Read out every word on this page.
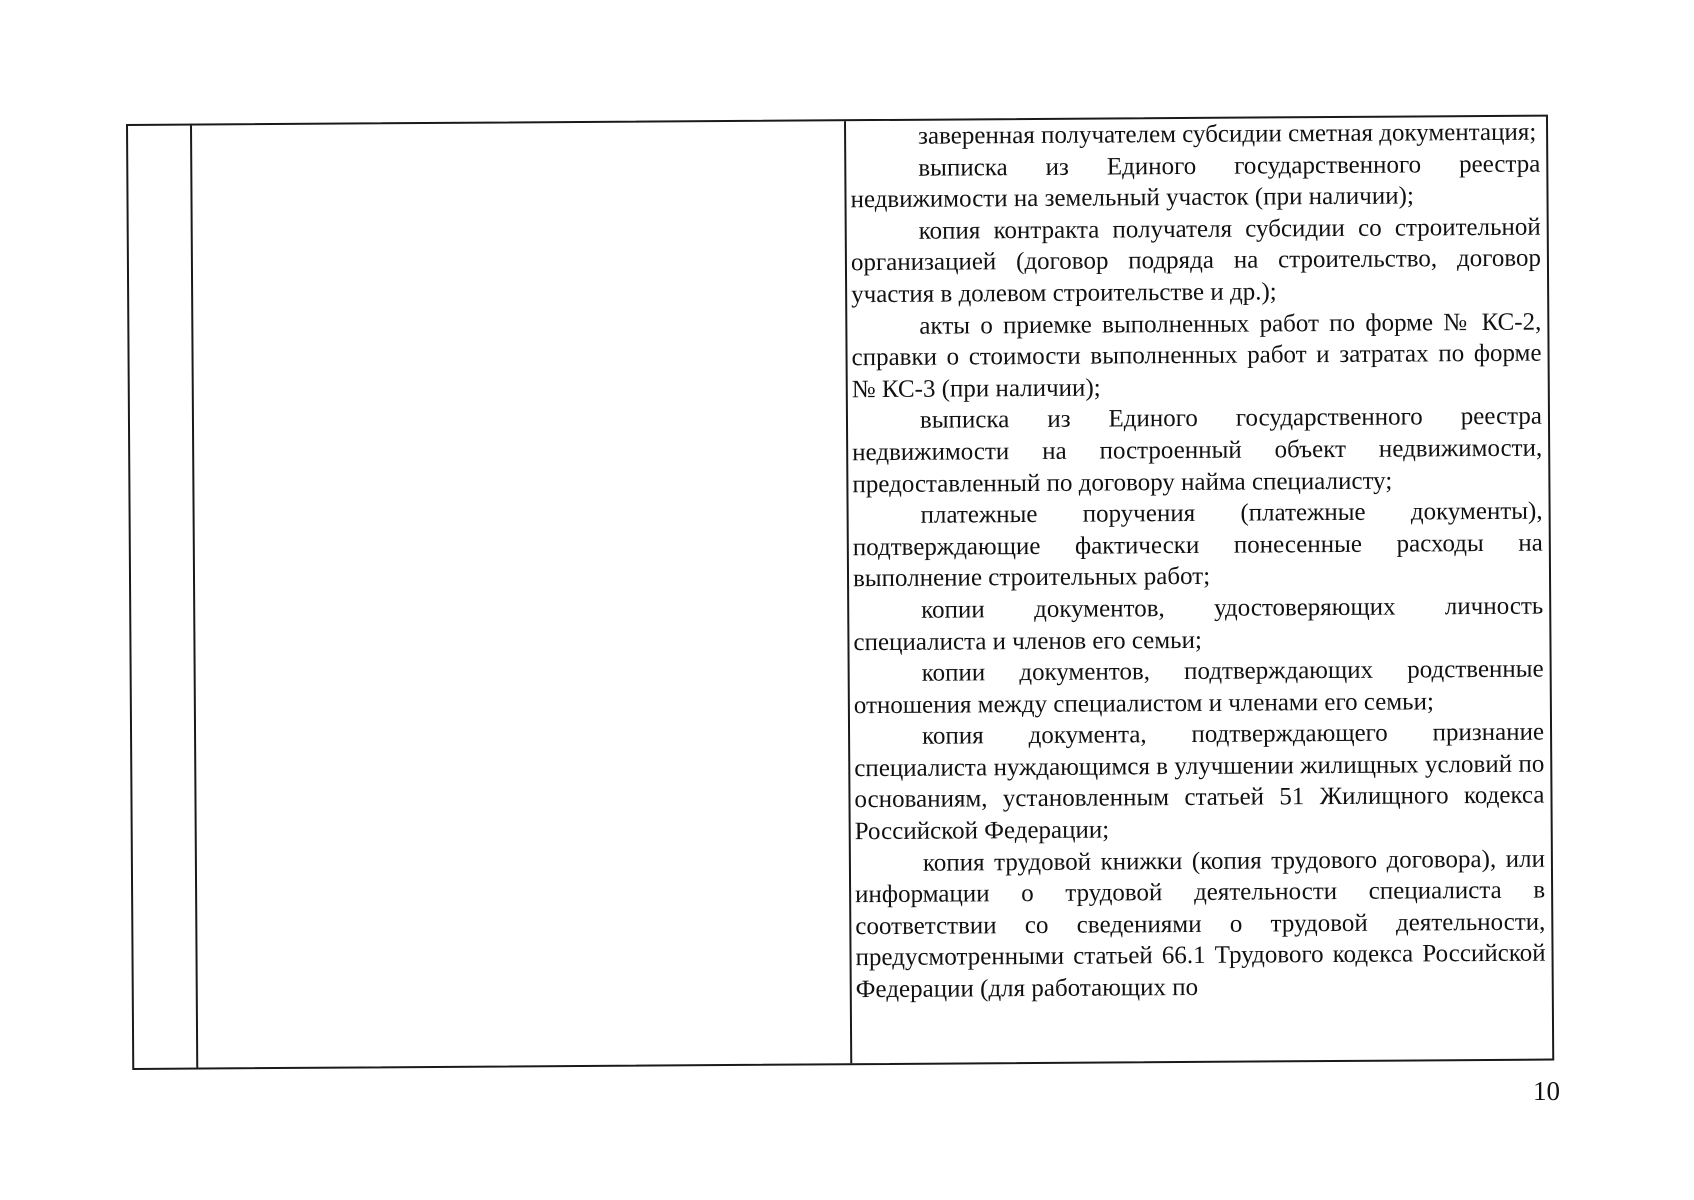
заверенная получателем субсидии сметная документация;

выписка из Единого государственного реестра недвижимости на земельный участок (при наличии);

копия контракта получателя субсидии со строительной организацией (договор подряда на строительство, договор участия в долевом строительстве и др.);

акты о приемке выполненных работ по форме № КС-2, справки о стоимости выполненных работ и затратах по форме № КС-3 (при наличии);

выписка из Единого государственного реестра недвижимости на построенный объект недвижимости, предоставленный по договору найма специалисту;

платежные поручения (платежные документы), подтверждающие фактически понесенные расходы на выполнение строительных работ;

копии документов, удостоверяющих личность специалиста и членов его семьи;

копии документов, подтверждающих родственные отношения между специалистом и членами его семьи;

копия документа, подтверждающего признание специалиста нуждающимся в улучшении жилищных условий по основаниям, установленным статьей 51 Жилищного кодекса Российской Федерации;

копия трудовой книжки (копия трудового договора), или информации о трудовой деятельности специалиста в соответствии со сведениями о трудовой деятельности, предусмотренными статьей 66.1 Трудового кодекса Российской Федерации (для работающих по

10
